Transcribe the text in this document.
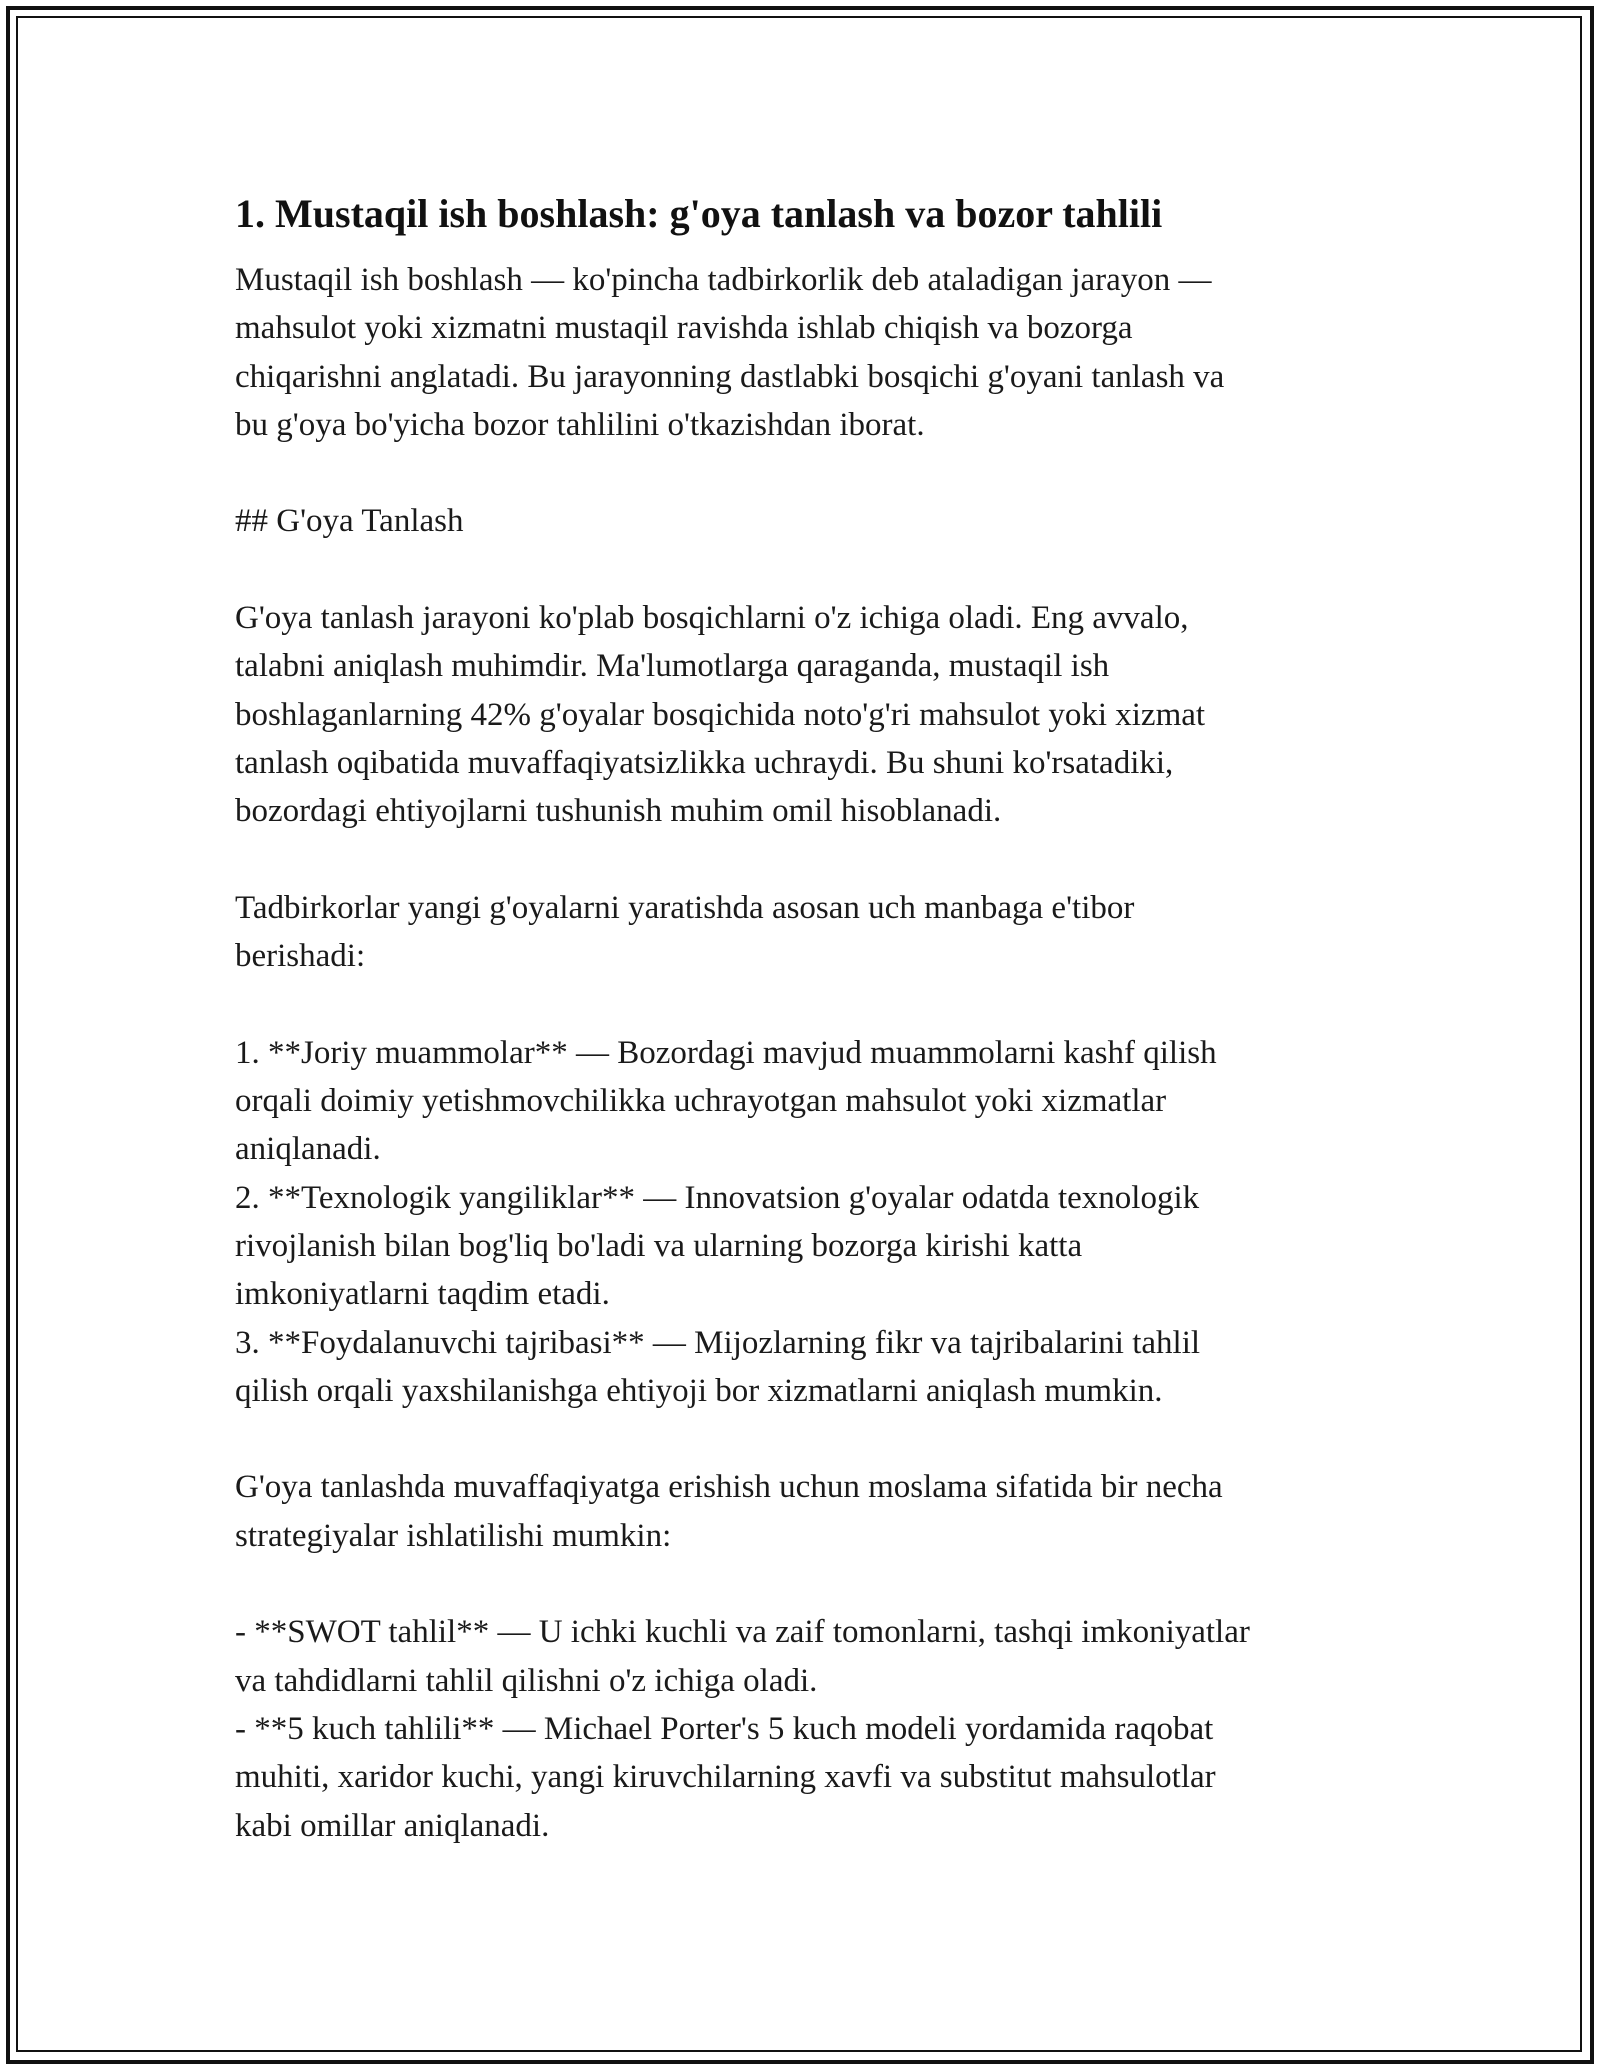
1. Mustaqil ish boshlash: g'oya tanlash va bozor tahlili
Mustaqil ish boshlash — ko'pincha tadbirkorlik deb ataladigan jarayon —
mahsulot yoki xizmatni mustaqil ravishda ishlab chiqish va bozorga
chiqarishni anglatadi. Bu jarayonning dastlabki bosqichi g'oyani tanlash va
bu g'oya bo'yicha bozor tahlilini o'tkazishdan iborat.
## G'oya Tanlash
G'oya tanlash jarayoni ko'plab bosqichlarni o'z ichiga oladi. Eng avvalo,
talabni aniqlash muhimdir. Ma'lumotlarga qaraganda, mustaqil ish
boshlaganlarning 42% g'oyalar bosqichida noto'g'ri mahsulot yoki xizmat
tanlash oqibatida muvaffaqiyatsizlikka uchraydi. Bu shuni ko'rsatadiki,
bozordagi ehtiyojlarni tushunish muhim omil hisoblanadi.
Tadbirkorlar yangi g'oyalarni yaratishda asosan uch manbaga e'tibor
berishadi:
1. **Joriy muammolar** — Bozordagi mavjud muammolarni kashf qilish
orqali doimiy yetishmovchilikka uchrayotgan mahsulot yoki xizmatlar
aniqlanadi.
2. **Texnologik yangiliklar** — Innovatsion g'oyalar odatda texnologik
rivojlanish bilan bog'liq bo'ladi va ularning bozorga kirishi katta
imkoniyatlarni taqdim etadi.
3. **Foydalanuvchi tajribasi** — Mijozlarning fikr va tajribalarini tahlil
qilish orqali yaxshilanishga ehtiyoji bor xizmatlarni aniqlash mumkin.
G'oya tanlashda muvaffaqiyatga erishish uchun moslama sifatida bir necha
strategiyalar ishlatilishi mumkin:
- **SWOT tahlil** — U ichki kuchli va zaif tomonlarni, tashqi imkoniyatlar
va tahdidlarni tahlil qilishni o'z ichiga oladi.
- **5 kuch tahlili** — Michael Porter's 5 kuch modeli yordamida raqobat
muhiti, xaridor kuchi, yangi kiruvchilarning xavfi va substitut mahsulotlar
kabi omillar aniqlanadi.
